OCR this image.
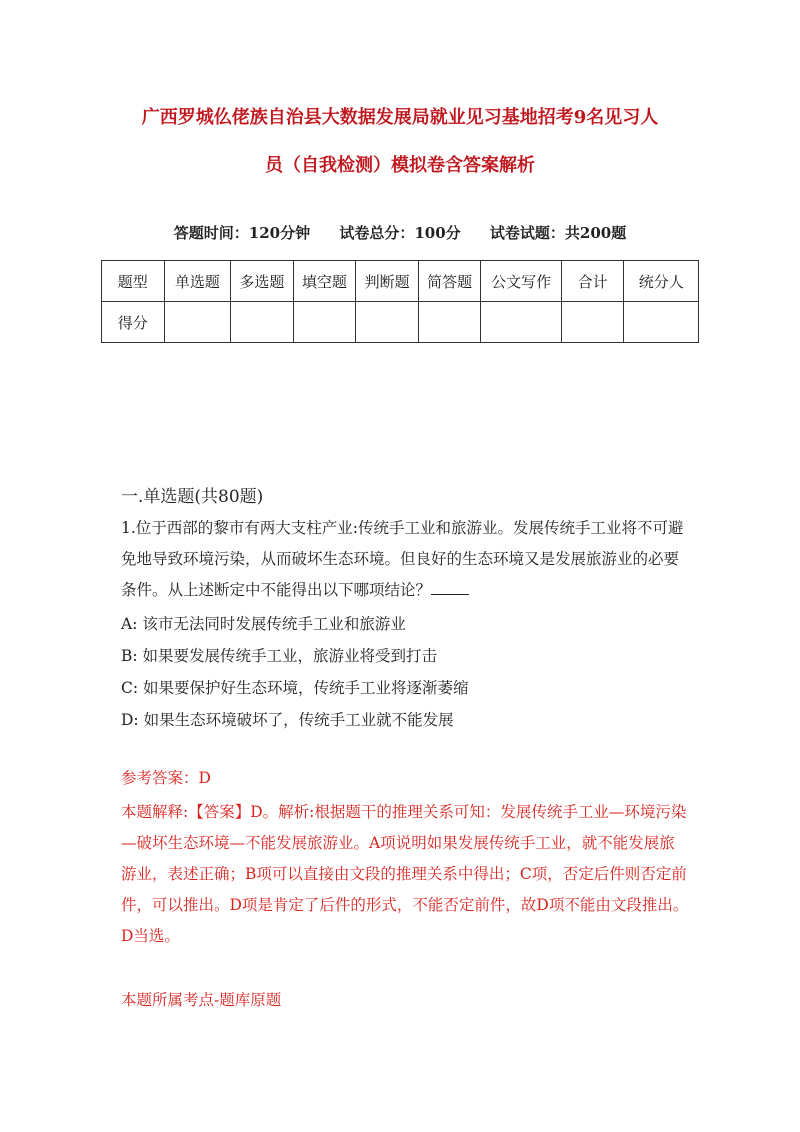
广西罗城仫佬族自治县大数据发展局就业见习基地招考9名见习人
员（自我检测）模拟卷含答案解析
答题时间：120分钟 试卷总分：100分 试卷试题：共200题
题型	单选题	多选题	填空题	判断题	简答题	公文写作	合计	统分人
得分								
一.单选题(共80题)
1.位于西部的黎市有两大支柱产业:传统手工业和旅游业。发展传统手工业将不可避免地导致环境污染，从而破坏生态环境。但良好的生态环境又是发展旅游业的必要条件。从上述断定中不能得出以下哪项结论？
A: 该市无法同时发展传统手工业和旅游业
B: 如果要发展传统手工业，旅游业将受到打击
C: 如果要保护好生态环境，传统手工业将逐渐萎缩
D: 如果生态环境破坏了，传统手工业就不能发展
参考答案：D
本题解释:【答案】D。解析:根据题干的推理关系可知：发展传统手工业—环境污染—破坏生态环境—不能发展旅游业。A项说明如果发展传统手工业，就不能发展旅游业，表述正确；B项可以直接由文段的推理关系中得出；C项，否定后件则否定前件，可以推出。D项是肯定了后件的形式，不能否定前件，故D项不能由文段推出。D当选。
本题所属考点-题库原题
